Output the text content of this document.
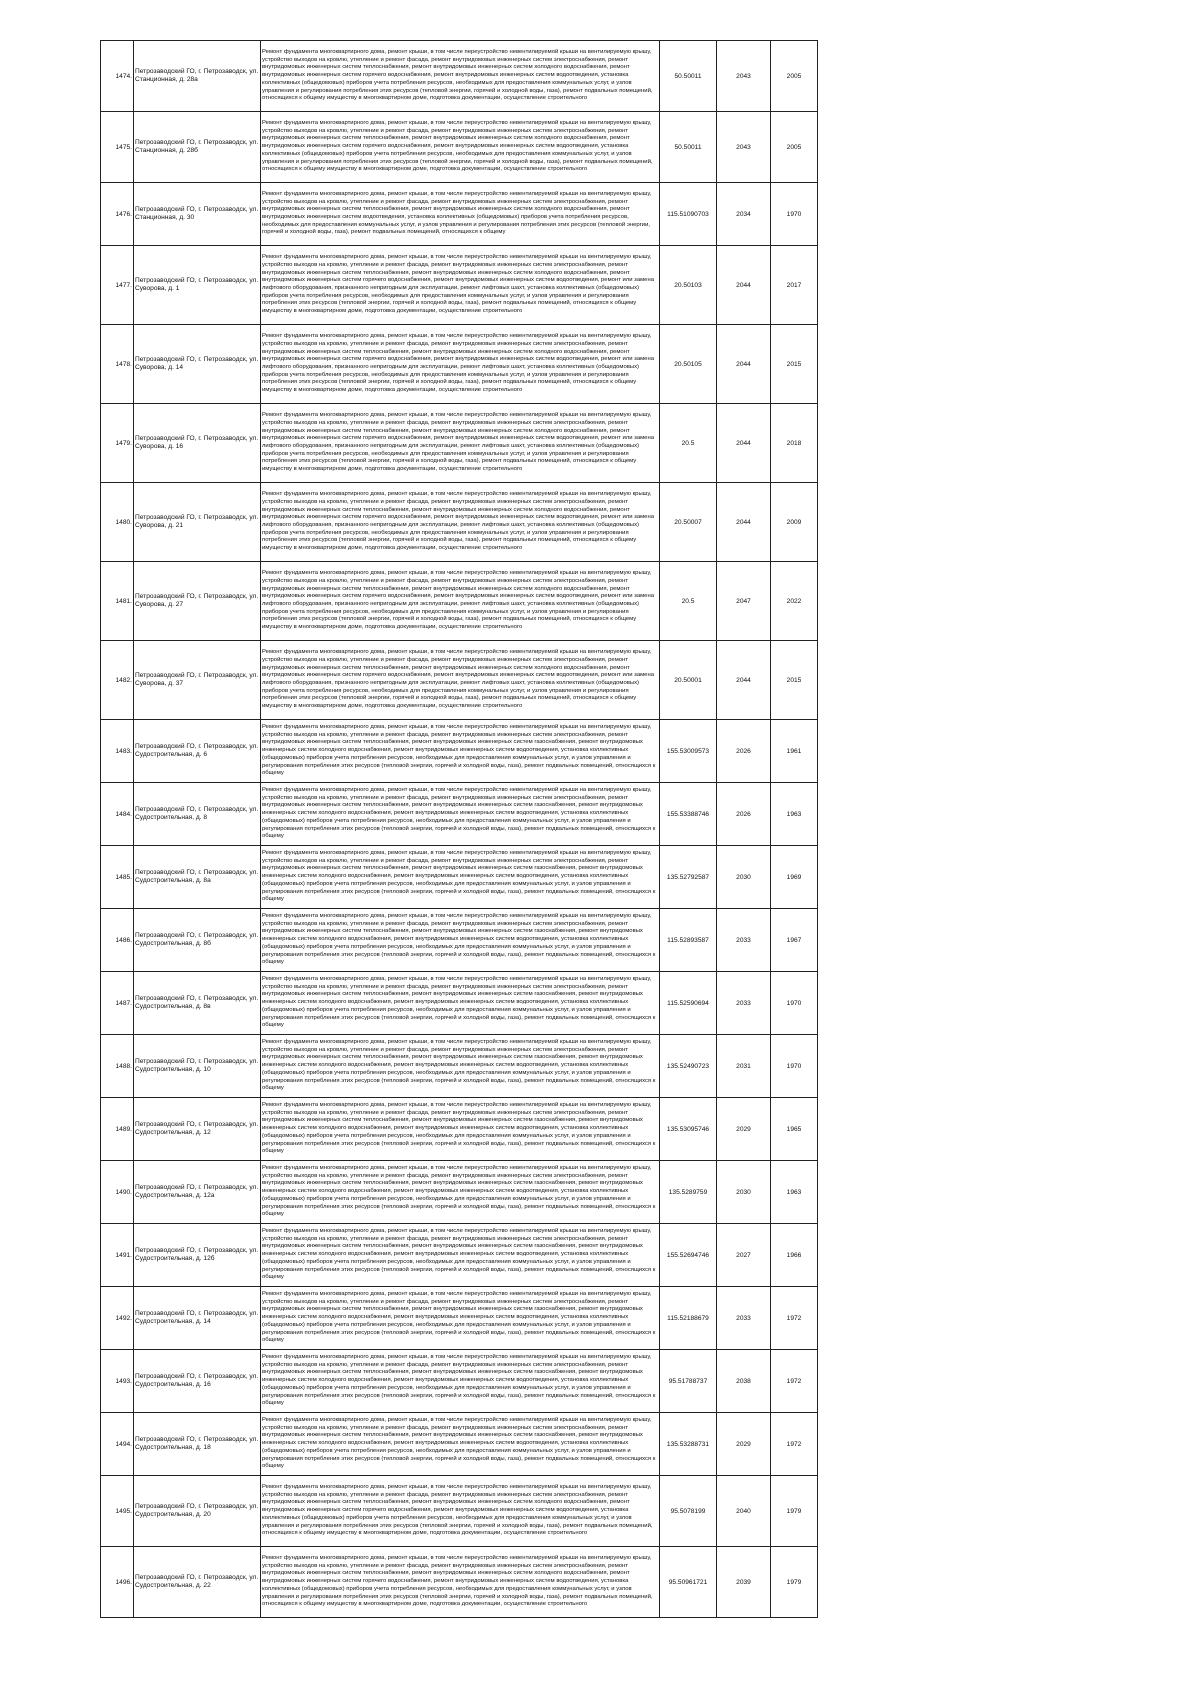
1474.	Петрозаводский ГО, г. Петрозаводск, ул. Станционная, д. 28а	Ремонт фундамента многоквартирного дома, ремонт крыши, в том числе переустройство невентилируемой крыши на вентилируемую крышу, устройство выходов на кровлю, утепление и ремонт фасада, ремонт внутридомовых инженерных систем электроснабжения, ремонт внутридомовых инженерных систем теплоснабжения, ремонт внутридомовых инженерных систем холодного водоснабжения, ремонт внутридомовых инженерных систем горячего водоснабжения, ремонт внутридомовых инженерных систем водоотведения, установка коллективных (общедомовых) приборов учета потребления ресурсов, необходимых для предоставления коммунальных услуг, и узлов управления и регулирования потребления этих ресурсов (тепловой энергии, горячей и холодной воды, газа), ремонт подвальных помещений, относящихся к общему имуществу в многоквартирном доме, подготовка документации, осуществление строительного	50.50011	2043	2005
1475.	Петрозаводский ГО, г. Петрозаводск, ул. Станционная, д. 28б	Ремонт фундамента многоквартирного дома, ремонт крыши, в том числе переустройство невентилируемой крыши на вентилируемую крышу, устройство выходов на кровлю, утепление и ремонт фасада, ремонт внутридомовых инженерных систем электроснабжения, ремонт внутридомовых инженерных систем теплоснабжения, ремонт внутридомовых инженерных систем холодного водоснабжения, ремонт внутридомовых инженерных систем горячего водоснабжения, ремонт внутридомовых инженерных систем водоотведения, установка коллективных (общедомовых) приборов учета потребления ресурсов, необходимых для предоставления коммунальных услуг, и узлов управления и регулирования потребления этих ресурсов (тепловой энергии, горячей и холодной воды, газа), ремонт подвальных помещений, относящихся к общему имуществу в многоквартирном доме, подготовка документации, осуществление строительного	50.50011	2043	2005
1476.	Петрозаводский ГО, г. Петрозаводск, ул. Станционная, д. 30	Ремонт фундамента многоквартирного дома, ремонт крыши, в том числе переустройство невентилируемой крыши на вентилируемую крышу, устройство выходов на кровлю, утепление и ремонт фасада, ремонт внутридомовых инженерных систем электроснабжения, ремонт внутридомовых инженерных систем теплоснабжения, ремонт внутридомовых инженерных систем холодного водоснабжения, ремонт внутридомовых инженерных систем водоотведения, установка коллективных (общедомовых) приборов учета потребления ресурсов, необходимых для предоставления коммунальных услуг, и узлов управления и регулирования потребления этих ресурсов (тепловой энергии, горячей и холодной воды, газа), ремонт подвальных помещений, относящихся к общему	115.51090703	2034	1970
1477.	Петрозаводский ГО, г. Петрозаводск, ул. Суворова, д. 1	Ремонт фундамента многоквартирного дома, ремонт крыши, в том числе переустройство невентилируемой крыши на вентилируемую крышу, устройство выходов на кровлю, утепление и ремонт фасада, ремонт внутридомовых инженерных систем электроснабжения, ремонт внутридомовых инженерных систем теплоснабжения, ремонт внутридомовых инженерных систем холодного водоснабжения, ремонт внутридомовых инженерных систем горячего водоснабжения, ремонт внутридомовых инженерных систем водоотведения, ремонт или замена лифтового оборудования, признанного непригодным для эксплуатации, ремонт лифтовых шахт, установка коллективных (общедомовых) приборов учета потребления ресурсов, необходимых для предоставления коммунальных услуг, и узлов управления и регулирования потребления этих ресурсов (тепловой энергии, горячей и холодной воды, газа), ремонт подвальных помещений, относящихся к общему имуществу в многоквартирном доме, подготовка документации, осуществление строительного	20.50103	2044	2017
1478.	Петрозаводский ГО, г. Петрозаводск, ул. Суворова, д. 14	Ремонт фундамента многоквартирного дома, ремонт крыши, в том числе переустройство невентилируемой крыши на вентилируемую крышу, устройство выходов на кровлю, утепление и ремонт фасада, ремонт внутридомовых инженерных систем электроснабжения, ремонт внутридомовых инженерных систем теплоснабжения, ремонт внутридомовых инженерных систем холодного водоснабжения, ремонт внутридомовых инженерных систем горячего водоснабжения, ремонт внутридомовых инженерных систем водоотведения, ремонт или замена лифтового оборудования, признанного непригодным для эксплуатации, ремонт лифтовых шахт, установка коллективных (общедомовых) приборов учета потребления ресурсов, необходимых для предоставления коммунальных услуг, и узлов управления и регулирования потребления этих ресурсов (тепловой энергии, горячей и холодной воды, газа), ремонт подвальных помещений, относящихся к общему имуществу в многоквартирном доме, подготовка документации, осуществление строительного	20.50105	2044	2015
1479.	Петрозаводский ГО, г. Петрозаводск, ул. Суворова, д. 16	Ремонт фундамента многоквартирного дома, ремонт крыши, в том числе переустройство невентилируемой крыши на вентилируемую крышу, устройство выходов на кровлю, утепление и ремонт фасада, ремонт внутридомовых инженерных систем электроснабжения, ремонт внутридомовых инженерных систем теплоснабжения, ремонт внутридомовых инженерных систем холодного водоснабжения, ремонт внутридомовых инженерных систем горячего водоснабжения, ремонт внутридомовых инженерных систем водоотведения, ремонт или замена лифтового оборудования, признанного непригодным для эксплуатации, ремонт лифтовых шахт, установка коллективных (общедомовых) приборов учета потребления ресурсов, необходимых для предоставления коммунальных услуг, и узлов управления и регулирования потребления этих ресурсов (тепловой энергии, горячей и холодной воды, газа), ремонт подвальных помещений, относящихся к общему имуществу в многоквартирном доме, подготовка документации, осуществление строительного	20.5	2044	2018
1480.	Петрозаводский ГО, г. Петрозаводск, ул. Суворова, д. 21	Ремонт фундамента многоквартирного дома, ремонт крыши, в том числе переустройство невентилируемой крыши на вентилируемую крышу, устройство выходов на кровлю, утепление и ремонт фасада, ремонт внутридомовых инженерных систем электроснабжения, ремонт внутридомовых инженерных систем теплоснабжения, ремонт внутридомовых инженерных систем холодного водоснабжения, ремонт внутридомовых инженерных систем горячего водоснабжения, ремонт внутридомовых инженерных систем водоотведения, ремонт или замена лифтового оборудования, признанного непригодным для эксплуатации, ремонт лифтовых шахт, установка коллективных (общедомовых) приборов учета потребления ресурсов, необходимых для предоставления коммунальных услуг, и узлов управления и регулирования потребления этих ресурсов (тепловой энергии, горячей и холодной воды, газа), ремонт подвальных помещений, относящихся к общему имуществу в многоквартирном доме, подготовка документации, осуществление строительного	20.50007	2044	2009
1481.	Петрозаводский ГО, г. Петрозаводск, ул. Суворова, д. 27	Ремонт фундамента многоквартирного дома, ремонт крыши, в том числе переустройство невентилируемой крыши на вентилируемую крышу, устройство выходов на кровлю, утепление и ремонт фасада, ремонт внутридомовых инженерных систем электроснабжения, ремонт внутридомовых инженерных систем теплоснабжения, ремонт внутридомовых инженерных систем холодного водоснабжения, ремонт внутридомовых инженерных систем горячего водоснабжения, ремонт внутридомовых инженерных систем водоотведения, ремонт или замена лифтового оборудования, признанного непригодным для эксплуатации, ремонт лифтовых шахт, установка коллективных (общедомовых) приборов учета потребления ресурсов, необходимых для предоставления коммунальных услуг, и узлов управления и регулирования потребления этих ресурсов (тепловой энергии, горячей и холодной воды, газа), ремонт подвальных помещений, относящихся к общему имуществу в многоквартирном доме, подготовка документации, осуществление строительного	20.5	2047	2022
1482.	Петрозаводский ГО, г. Петрозаводск, ул. Суворова, д. 37	Ремонт фундамента многоквартирного дома, ремонт крыши, в том числе переустройство невентилируемой крыши на вентилируемую крышу, устройство выходов на кровлю, утепление и ремонт фасада, ремонт внутридомовых инженерных систем электроснабжения, ремонт внутридомовых инженерных систем теплоснабжения, ремонт внутридомовых инженерных систем холодного водоснабжения, ремонт внутридомовых инженерных систем горячего водоснабжения, ремонт внутридомовых инженерных систем водоотведения, ремонт или замена лифтового оборудования, признанного непригодным для эксплуатации, ремонт лифтовых шахт, установка коллективных (общедомовых) приборов учета потребления ресурсов, необходимых для предоставления коммунальных услуг, и узлов управления и регулирования потребления этих ресурсов (тепловой энергии, горячей и холодной воды, газа), ремонт подвальных помещений, относящихся к общему имуществу в многоквартирном доме, подготовка документации, осуществление строительного	20.50001	2044	2015
1483.	Петрозаводский ГО, г. Петрозаводск, ул. Судостроительная, д. 6	Ремонт фундамента многоквартирного дома, ремонт крыши, в том числе переустройство невентилируемой крыши на вентилируемую крышу, устройство выходов на кровлю, утепление и ремонт фасада, ремонт внутридомовых инженерных систем электроснабжения, ремонт внутридомовых инженерных систем теплоснабжения, ремонт внутридомовых инженерных систем газоснабжения, ремонт внутридомовых инженерных систем холодного водоснабжения, ремонт внутридомовых инженерных систем водоотведения, установка коллективных (общедомовых) приборов учета потребления ресурсов, необходимых для предоставления коммунальных услуг, и узлов управления и регулирования потребления этих ресурсов (тепловой энергии, горячей и холодной воды, газа), ремонт подвальных помещений, относящихся к общему	155.53009573	2026	1961
1484.	Петрозаводский ГО, г. Петрозаводск, ул. Судостроительная, д. 8	Ремонт фундамента многоквартирного дома, ремонт крыши, в том числе переустройство невентилируемой крыши на вентилируемую крышу, устройство выходов на кровлю, утепление и ремонт фасада, ремонт внутридомовых инженерных систем электроснабжения, ремонт внутридомовых инженерных систем теплоснабжения, ремонт внутридомовых инженерных систем газоснабжения, ремонт внутридомовых инженерных систем холодного водоснабжения, ремонт внутридомовых инженерных систем водоотведения, установка коллективных (общедомовых) приборов учета потребления ресурсов, необходимых для предоставления коммунальных услуг, и узлов управления и регулирования потребления этих ресурсов (тепловой энергии, горячей и холодной воды, газа), ремонт подвальных помещений, относящихся к общему	155.53388746	2026	1963
1485.	Петрозаводский ГО, г. Петрозаводск, ул. Судостроительная, д. 8а	Ремонт фундамента многоквартирного дома, ремонт крыши, в том числе переустройство невентилируемой крыши на вентилируемую крышу, устройство выходов на кровлю, утепление и ремонт фасада, ремонт внутридомовых инженерных систем электроснабжения, ремонт внутридомовых инженерных систем теплоснабжения, ремонт внутридомовых инженерных систем газоснабжения, ремонт внутридомовых инженерных систем холодного водоснабжения, ремонт внутридомовых инженерных систем водоотведения, установка коллективных (общедомовых) приборов учета потребления ресурсов, необходимых для предоставления коммунальных услуг, и узлов управления и регулирования потребления этих ресурсов (тепловой энергии, горячей и холодной воды, газа), ремонт подвальных помещений, относящихся к общему	135.52792587	2030	1969
1486.	Петрозаводский ГО, г. Петрозаводск, ул. Судостроительная, д. 8б	Ремонт фундамента многоквартирного дома, ремонт крыши, в том числе переустройство невентилируемой крыши на вентилируемую крышу, устройство выходов на кровлю, утепление и ремонт фасада, ремонт внутридомовых инженерных систем электроснабжения, ремонт внутридомовых инженерных систем теплоснабжения, ремонт внутридомовых инженерных систем газоснабжения, ремонт внутридомовых инженерных систем холодного водоснабжения, ремонт внутридомовых инженерных систем водоотведения, установка коллективных (общедомовых) приборов учета потребления ресурсов, необходимых для предоставления коммунальных услуг, и узлов управления и регулирования потребления этих ресурсов (тепловой энергии, горячей и холодной воды, газа), ремонт подвальных помещений, относящихся к общему	115.52893587	2033	1967
1487.	Петрозаводский ГО, г. Петрозаводск, ул. Судостроительная, д. 8в	Ремонт фундамента многоквартирного дома, ремонт крыши, в том числе переустройство невентилируемой крыши на вентилируемую крышу, устройство выходов на кровлю, утепление и ремонт фасада, ремонт внутридомовых инженерных систем электроснабжения, ремонт внутридомовых инженерных систем теплоснабжения, ремонт внутридомовых инженерных систем газоснабжения, ремонт внутридомовых инженерных систем холодного водоснабжения, ремонт внутридомовых инженерных систем водоотведения, установка коллективных (общедомовых) приборов учета потребления ресурсов, необходимых для предоставления коммунальных услуг, и узлов управления и регулирования потребления этих ресурсов (тепловой энергии, горячей и холодной воды, газа), ремонт подвальных помещений, относящихся к общему	115.52590694	2033	1970
1488.	Петрозаводский ГО, г. Петрозаводск, ул. Судостроительная, д. 10	Ремонт фундамента многоквартирного дома, ремонт крыши, в том числе переустройство невентилируемой крыши на вентилируемую крышу, устройство выходов на кровлю, утепление и ремонт фасада, ремонт внутридомовых инженерных систем электроснабжения, ремонт внутридомовых инженерных систем теплоснабжения, ремонт внутридомовых инженерных систем газоснабжения, ремонт внутридомовых инженерных систем холодного водоснабжения, ремонт внутридомовых инженерных систем водоотведения, установка коллективных (общедомовых) приборов учета потребления ресурсов, необходимых для предоставления коммунальных услуг, и узлов управления и регулирования потребления этих ресурсов (тепловой энергии, горячей и холодной воды, газа), ремонт подвальных помещений, относящихся к общему	135.52490723	2031	1970
1489.	Петрозаводский ГО, г. Петрозаводск, ул. Судостроительная, д. 12	Ремонт фундамента многоквартирного дома, ремонт крыши, в том числе переустройство невентилируемой крыши на вентилируемую крышу, устройство выходов на кровлю, утепление и ремонт фасада, ремонт внутридомовых инженерных систем электроснабжения, ремонт внутридомовых инженерных систем теплоснабжения, ремонт внутридомовых инженерных систем газоснабжения, ремонт внутридомовых инженерных систем холодного водоснабжения, ремонт внутридомовых инженерных систем водоотведения, установка коллективных (общедомовых) приборов учета потребления ресурсов, необходимых для предоставления коммунальных услуг, и узлов управления и регулирования потребления этих ресурсов (тепловой энергии, горячей и холодной воды, газа), ремонт подвальных помещений, относящихся к общему	135.53095746	2029	1965
1490.	Петрозаводский ГО, г. Петрозаводск, ул. Судостроительная, д. 12а	Ремонт фундамента многоквартирного дома, ремонт крыши, в том числе переустройство невентилируемой крыши на вентилируемую крышу, устройство выходов на кровлю, утепление и ремонт фасада, ремонт внутридомовых инженерных систем электроснабжения, ремонт внутридомовых инженерных систем теплоснабжения, ремонт внутридомовых инженерных систем газоснабжения, ремонт внутридомовых инженерных систем холодного водоснабжения, ремонт внутридомовых инженерных систем водоотведения, установка коллективных (общедомовых) приборов учета потребления ресурсов, необходимых для предоставления коммунальных услуг, и узлов управления и регулирования потребления этих ресурсов (тепловой энергии, горячей и холодной воды, газа), ремонт подвальных помещений, относящихся к общему	135.5289759	2030	1963
1491.	Петрозаводский ГО, г. Петрозаводск, ул. Судостроительная, д. 12б	Ремонт фундамента многоквартирного дома, ремонт крыши, в том числе переустройство невентилируемой крыши на вентилируемую крышу, устройство выходов на кровлю, утепление и ремонт фасада, ремонт внутридомовых инженерных систем электроснабжения, ремонт внутридомовых инженерных систем теплоснабжения, ремонт внутридомовых инженерных систем газоснабжения, ремонт внутридомовых инженерных систем холодного водоснабжения, ремонт внутридомовых инженерных систем водоотведения, установка коллективных (общедомовых) приборов учета потребления ресурсов, необходимых для предоставления коммунальных услуг, и узлов управления и регулирования потребления этих ресурсов (тепловой энергии, горячей и холодной воды, газа), ремонт подвальных помещений, относящихся к общему	155.52694746	2027	1966
1492.	Петрозаводский ГО, г. Петрозаводск, ул. Судостроительная, д. 14	Ремонт фундамента многоквартирного дома, ремонт крыши, в том числе переустройство невентилируемой крыши на вентилируемую крышу, устройство выходов на кровлю, утепление и ремонт фасада, ремонт внутридомовых инженерных систем электроснабжения, ремонт внутридомовых инженерных систем теплоснабжения, ремонт внутридомовых инженерных систем газоснабжения, ремонт внутридомовых инженерных систем холодного водоснабжения, ремонт внутридомовых инженерных систем водоотведения, установка коллективных (общедомовых) приборов учета потребления ресурсов, необходимых для предоставления коммунальных услуг, и узлов управления и регулирования потребления этих ресурсов (тепловой энергии, горячей и холодной воды, газа), ремонт подвальных помещений, относящихся к общему	115.52188679	2033	1972
1493.	Петрозаводский ГО, г. Петрозаводск, ул. Судостроительная, д. 16	Ремонт фундамента многоквартирного дома, ремонт крыши, в том числе переустройство невентилируемой крыши на вентилируемую крышу, устройство выходов на кровлю, утепление и ремонт фасада, ремонт внутридомовых инженерных систем электроснабжения, ремонт внутридомовых инженерных систем теплоснабжения, ремонт внутридомовых инженерных систем газоснабжения, ремонт внутридомовых инженерных систем холодного водоснабжения, ремонт внутридомовых инженерных систем водоотведения, установка коллективных (общедомовых) приборов учета потребления ресурсов, необходимых для предоставления коммунальных услуг, и узлов управления и регулирования потребления этих ресурсов (тепловой энергии, горячей и холодной воды, газа), ремонт подвальных помещений, относящихся к общему	95.51788737	2038	1972
1494.	Петрозаводский ГО, г. Петрозаводск, ул. Судостроительная, д. 18	Ремонт фундамента многоквартирного дома, ремонт крыши, в том числе переустройство невентилируемой крыши на вентилируемую крышу, устройство выходов на кровлю, утепление и ремонт фасада, ремонт внутридомовых инженерных систем электроснабжения, ремонт внутридомовых инженерных систем теплоснабжения, ремонт внутридомовых инженерных систем газоснабжения, ремонт внутридомовых инженерных систем холодного водоснабжения, ремонт внутридомовых инженерных систем водоотведения, установка коллективных (общедомовых) приборов учета потребления ресурсов, необходимых для предоставления коммунальных услуг, и узлов управления и регулирования потребления этих ресурсов (тепловой энергии, горячей и холодной воды, газа), ремонт подвальных помещений, относящихся к общему	135.53288731	2029	1972
1495.	Петрозаводский ГО, г. Петрозаводск, ул. Судостроительная, д. 20	Ремонт фундамента многоквартирного дома, ремонт крыши, в том числе переустройство невентилируемой крыши на вентилируемую крышу, устройство выходов на кровлю, утепление и ремонт фасада, ремонт внутридомовых инженерных систем электроснабжения, ремонт внутридомовых инженерных систем теплоснабжения, ремонт внутридомовых инженерных систем холодного водоснабжения, ремонт внутридомовых инженерных систем горячего водоснабжения, ремонт внутридомовых инженерных систем водоотведения, установка коллективных (общедомовых) приборов учета потребления ресурсов, необходимых для предоставления коммунальных услуг, и узлов управления и регулирования потребления этих ресурсов (тепловой энергии, горячей и холодной воды, газа), ремонт подвальных помещений, относящихся к общему имуществу в многоквартирном доме, подготовка документации, осуществление строительного	95.5078199	2040	1979
1496.	Петрозаводский ГО, г. Петрозаводск, ул. Судостроительная, д. 22	Ремонт фундамента многоквартирного дома, ремонт крыши, в том числе переустройство невентилируемой крыши на вентилируемую крышу, устройство выходов на кровлю, утепление и ремонт фасада, ремонт внутридомовых инженерных систем электроснабжения, ремонт внутридомовых инженерных систем теплоснабжения, ремонт внутридомовых инженерных систем холодного водоснабжения, ремонт внутридомовых инженерных систем горячего водоснабжения, ремонт внутридомовых инженерных систем водоотведения, установка коллективных (общедомовых) приборов учета потребления ресурсов, необходимых для предоставления коммунальных услуг, и узлов управления и регулирования потребления этих ресурсов (тепловой энергии, горячей и холодной воды, газа), ремонт подвальных помещений, относящихся к общему имуществу в многоквартирном доме, подготовка документации, осуществление строительного	95.50961721	2039	1979
